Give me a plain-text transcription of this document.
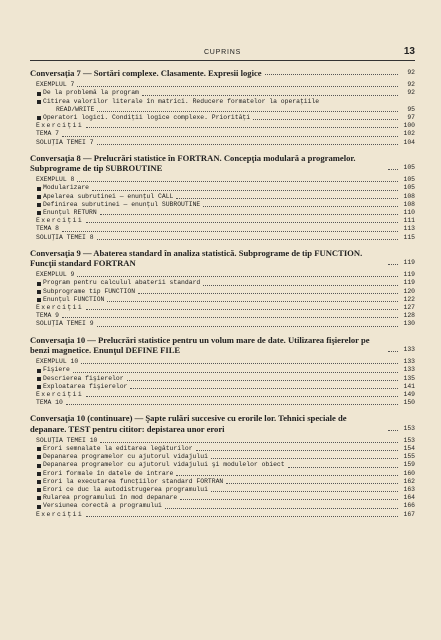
CUPRINS	13
Conversația 7 — Sortări complexe. Clasamente. Expresii logice	92
EXEMPLUL 7	92
De la problemă la program	92
Citirea valorilor literale în matrici. Reducere formatelor la operaţiile
READ/WRITE	95
Operatori logici. Condiţii logice complexe. Priorităţi	97
Exerciţii	100
TEMA 7	102
SOLUŢIA TEMEI 7	104
Conversaţia 8 — Prelucrări statistice în FORTRAN. Concepţia modulară a programelor. Subprograme de tip SUBROUTINE	105
EXEMPLUL 8	105
Modularizare	105
Apelarea subrutinei — enunţul CALL	108
Definirea subrutinei — enunţul SUBROUTINE	108
Enunţul RETURN	110
Exerciţii	111
TEMA 8	113
SOLUŢIA TEMEI 8	115
Conversaţia 9 — Abaterea standard în analiza statistică. Subprograme de tip FUNCTION. Funcţii standard FORTRAN	119
EXEMPLUL 9	119
Program pentru calculul abaterii standard	119
Subprograme tip FUNCTION	120
Enunţul FUNCTION	122
Exerciţii	127
TEMA 9	128
SOLUŢIA TEMEI 9	130
Conversaţia 10 — Prelucrări statistice pentru un volum mare de date. Utilizarea fişierelor pe benzi magnetice. Enunţul DEFINE FILE	133
EXEMPLUL 10	133
Fişiere	133
Descrierea fişierelor	135
Exploatarea fişierelor	141
Exerciţii	149
TEMA 10	150
Conversaţia 10 (continuare) — Şapte rulări succesive cu erorile lor. Tehnici speciale de depanare. TEST pentru cititor: depistarea unor erori	153
SOLUŢIA TEMEI 10	153
Erori semnalate la editarea legăturilor	154
Depanarea programelor cu ajutorul vidajului	155
Depanarea programelor cu ajutorul vidajului şi modulelor obiect	159
Erori formale în datele de intrare	160
Erori la executarea funcţiilor standard FORTRAN	162
Erori ce duc la autodistrugerea programului	163
Rularea programului în mod depanare	164
Versiunea corectă a programului	166
Exerciţii	167
